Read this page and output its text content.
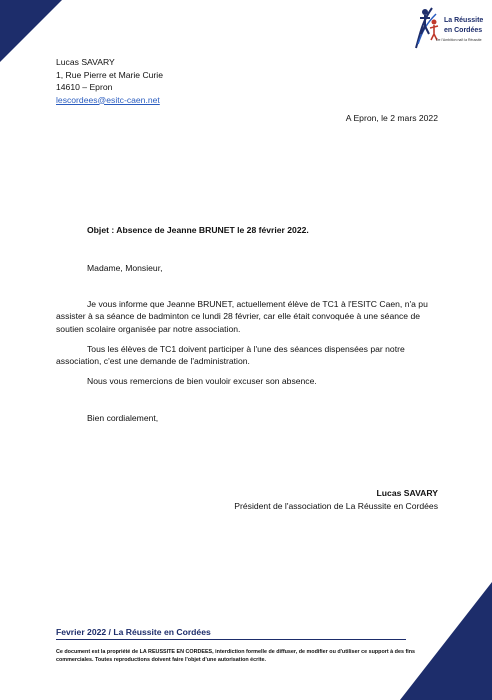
La Réussite
en Cordées
De l'Ambition naît la Réussite
Lucas SAVARY
1, Rue Pierre et Marie Curie
14610 – Epron
lescordees@esitc-caen.net
A Epron, le 2 mars 2022
Objet : Absence de Jeanne BRUNET le 28 février 2022.
Madame, Monsieur,
Je vous informe que Jeanne BRUNET, actuellement élève de TC1 à l'ESITC Caen, n'a pu assister à sa séance de badminton ce lundi 28 février, car elle était convoquée à une séance de soutien scolaire organisée par notre association.
Tous les élèves de TC1 doivent participer à l'une des séances dispensées par notre association, c'est une demande de l'administration.
Nous vous remercions de bien vouloir excuser son absence.
Bien cordialement,
Lucas SAVARY
Président de l'association de La Réussite en Cordées
Fevrier 2022 / La Réussite en Cordées
Ce document est la propriété de LA REUSSITE EN CORDEES, interdiction formelle de diffuser, de modifier ou d'utiliser ce support à des fins commerciales. Toutes reproductions doivent faire l'objet d'une autorisation écrite.
